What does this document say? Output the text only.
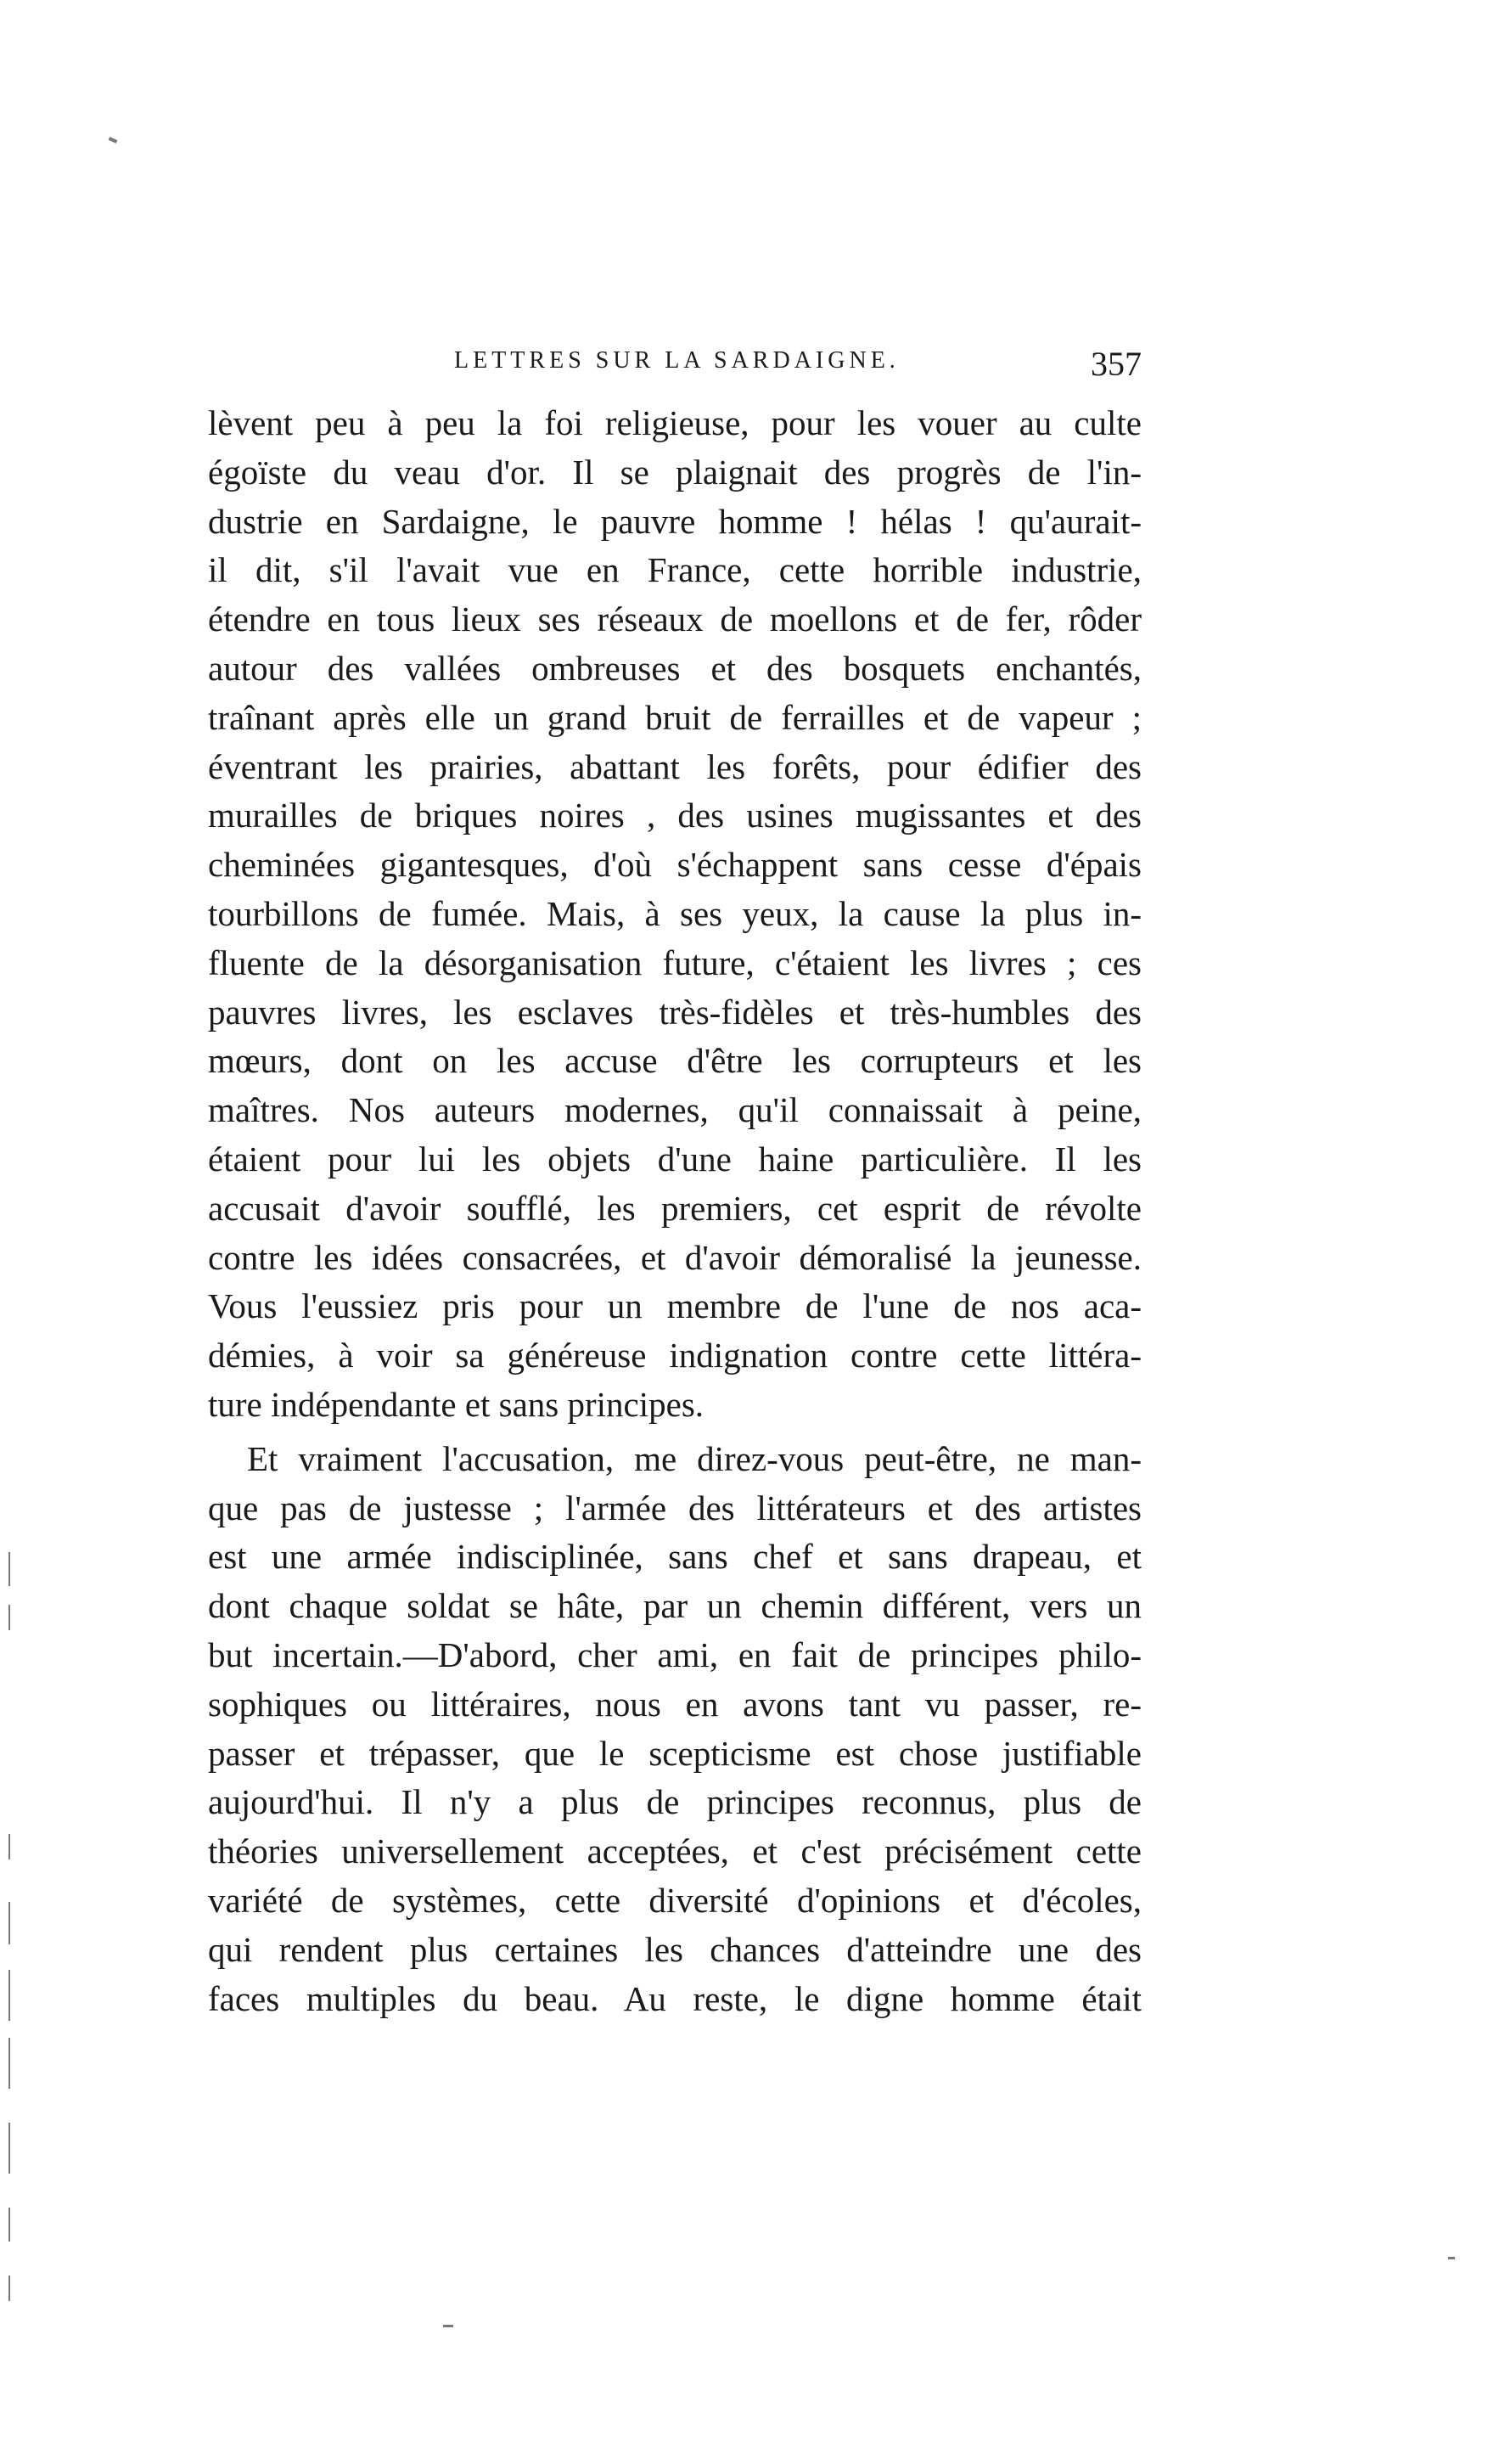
LETTRES SUR LA SARDAIGNE.	357
lèvent peu à peu la foi religieuse, pour les vouer au culte
égoïste du veau d'or. Il se plaignait des progrès de l'in-
dustrie en Sardaigne, le pauvre homme ! hélas ! qu'aurait-
il dit, s'il l'avait vue en France, cette horrible industrie,
étendre en tous lieux ses réseaux de moellons et de fer, rôder
autour des vallées ombreuses et des bosquets enchantés,
traînant après elle un grand bruit de ferrailles et de vapeur ;
éventrant les prairies, abattant les forêts, pour édifier des
murailles de briques noires , des usines mugissantes et des
cheminées gigantesques, d'où s'échappent sans cesse d'épais
tourbillons de fumée. Mais, à ses yeux, la cause la plus in-
fluente de la désorganisation future, c'étaient les livres ; ces
pauvres livres, les esclaves très-fidèles et très-humbles des
mœurs, dont on les accuse d'être les corrupteurs et les
maîtres. Nos auteurs modernes, qu'il connaissait à peine,
étaient pour lui les objets d'une haine particulière. Il les
accusait d'avoir soufflé, les premiers, cet esprit de révolte
contre les idées consacrées, et d'avoir démoralisé la jeunesse.
Vous l'eussiez pris pour un membre de l'une de nos aca-
démies, à voir sa généreuse indignation contre cette littéra-
ture indépendante et sans principes.
Et vraiment l'accusation, me direz-vous peut-être, ne man-
que pas de justesse ; l'armée des littérateurs et des artistes
est une armée indisciplinée, sans chef et sans drapeau, et
dont chaque soldat se hâte, par un chemin différent, vers un
but incertain.—D'abord, cher ami, en fait de principes philo-
sophiques ou littéraires, nous en avons tant vu passer, re-
passer et trépasser, que le scepticisme est chose justifiable
aujourd'hui. Il n'y a plus de principes reconnus, plus de
théories universellement acceptées, et c'est précisément cette
variété de systèmes, cette diversité d'opinions et d'écoles,
qui rendent plus certaines les chances d'atteindre une des
faces multiples du beau. Au reste, le digne homme était
